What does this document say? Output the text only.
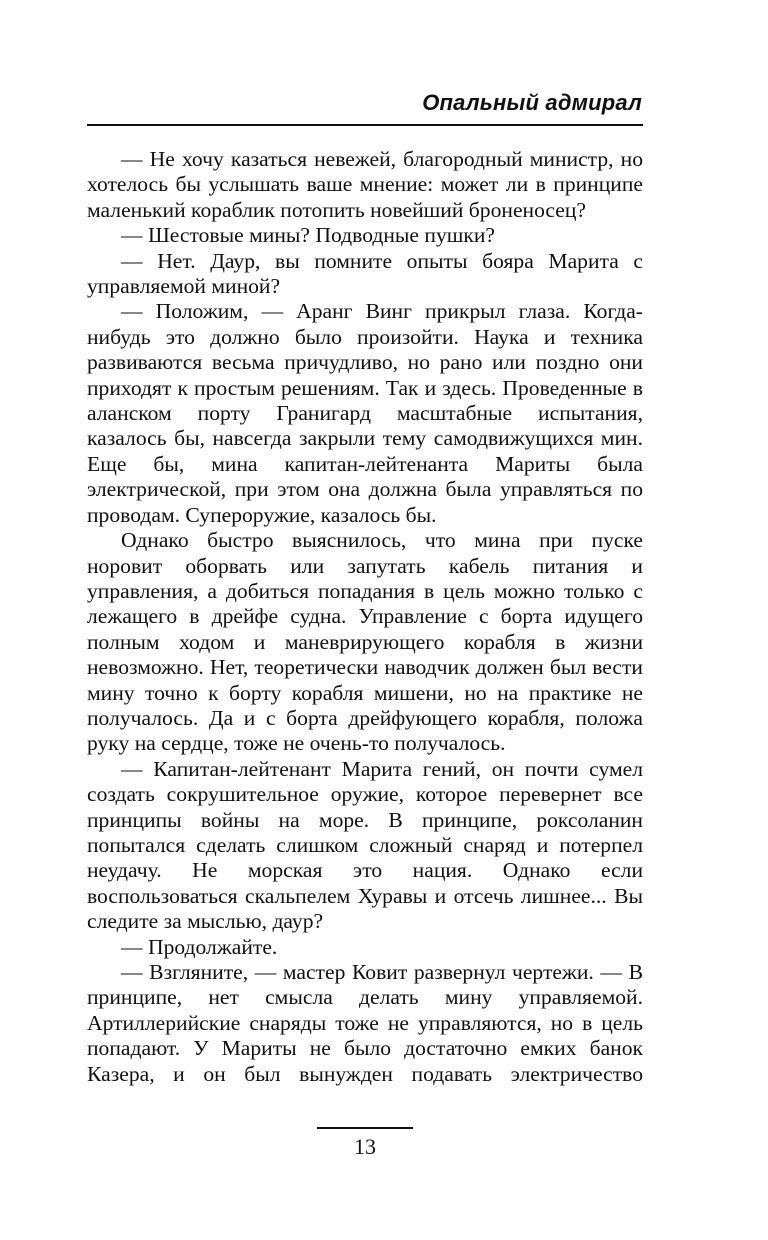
Опальный адмирал

— Не хочу казаться невежей, благородный министр, но хотелось бы услышать ваше мнение: может ли в принципе маленький кораблик потопить новейший броненосец?

— Шестовые мины? Подводные пушки?

— Нет. Даур, вы помните опыты бояра Марита с управляемой миной?

— Положим, — Аранг Винг прикрыл глаза. Когда-нибудь это должно было произойти. Наука и техника развиваются весьма причудливо, но рано или поздно они приходят к простым решениям. Так и здесь. Проведенные в аланском порту Гранигард масштабные испытания, казалось бы, навсегда закрыли тему самодвижущихся мин. Еще бы, мина капитан-лейтенанта Мариты была электрической, при этом она должна была управляться по проводам. Супероружие, казалось бы.

Однако быстро выяснилось, что мина при пуске норовит оборвать или запутать кабель питания и управления, а добиться попадания в цель можно только с лежащего в дрейфе судна. Управление с борта идущего полным ходом и маневрирующего корабля в жизни невозможно. Нет, теоретически наводчик должен был вести мину точно к борту корабля мишени, но на практике не получалось. Да и с борта дрейфующего корабля, положа руку на сердце, тоже не очень-то получалось.

— Капитан-лейтенант Марита гений, он почти сумел создать сокрушительное оружие, которое перевернет все принципы войны на море. В принципе, роксоланин попытался сделать слишком сложный снаряд и потерпел неудачу. Не морская это нация. Однако если воспользоваться скальпелем Хуравы и отсечь лишнее... Вы следите за мыслью, даур?

— Продолжайте.

— Взгляните, — мастер Ковит развернул чертежи. — В принципе, нет смысла делать мину управляемой. Артиллерийские снаряды тоже не управляются, но в цель попадают. У Мариты не было достаточно емких банок Казера, и он был вынужден подавать электричество

13
